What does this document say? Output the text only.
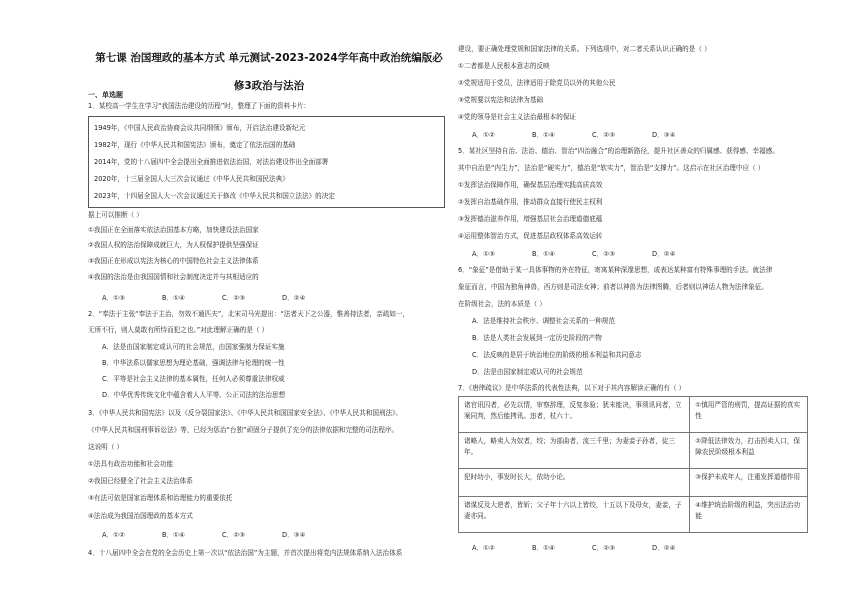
第七课 治国理政的基本方式 单元测试-2023-2024学年高中政治统编版必
修3政治与法治
一、单选题
1．某校高一学生在学习“我国法治建设的历程”时，整理了下面的资料卡片：
1949年，《中国人民政治协商会议共同纲领》颁布，开启法治建设新纪元
1982年，现行《中华人民共和国宪法》颁布，奠定了依法治国的基础
2014年，党的十八届四中全会提出全面推进依法治国，对法治建设作出全面部署
2020年，十三届全国人大三次会议通过《中华人民共和国民法典》
2023年，十四届全国人大一次会议通过关于修改《中华人民共和国立法法》的决定
据上可以推断（ ）
①我国正在全面落实依法治国基本方略，加快建设法治国家
②我国人权的法治保障成就巨大，为人权保护提供坚强保证
③我国正在形成以宪法为核心的中国特色社会主义法律体系
④我国的法治是由我国国情和社会制度决定并与其相适应的
A．①③	B．①④	C．②③	D．②④
2．“奉法于主张“奉法于主治，勿效不通匹夫”，北宋司马光提出：“法者天下之公器，惟善持法者，亲疏如一，
无所不行，则人莫敢有所恃而犯之也。”对此理解正确的是（ ）
A．法是由国家制定或认可的社会规范，由国家强制力保证实施
B．中华法系以儒家思想为理论基础，强调法律与伦理的统一性
C．平等是社会主义法律的基本属性，任何人必须尊重法律权威
D．中华优秀传统文化中蕴含着人人平等、公正司法的法治思想
3．《中华人民共和国宪法》以及《反分裂国家法》、《中华人民共和国国家安全法》、《中华人民共和国刑法》、
《中华人民共和国刑事诉讼法》等，已经为惩治“台独”顽固分子提供了充分的法律依据和完整的司法程序。
这说明（ ）
①法具有政治功能和社会功能
②我国已经健全了社会主义法治体系
③有法可依是国家治理体系和治理能力的重要依托
④法治成为我国治国理政的基本方式
A．①②	B．①④	C．②③	D．③④
4．十八届四中全会在党的全会历史上第一次以“依法治国”为主题，并首次提出将党内法规体系纳入法治体系
建设，要正确处理党规和国家法律的关系。下列选项中，对二者关系认识正确的是（ ）
①二者都是人民根本意志的反映
②党规适用于党员，法律适用于除党员以外的其他公民
③党规要以宪法和法律为基础
④党的领导是社会主义法治最根本的保证
A．①②	B．①④	C．②③	D．③④
5．某社区坚持自治、法治、德治、智治“四治融合”的治理新路径，提升社区善众的归属感、获得感、幸福感。
其中自治是“内生力”，法治是“硬实力”，德治是“软实力”，智治是“支撑力”。这启示在社区治理中应（ ）
①发挥法治保障作用，确保基层治理实践高质高效
②发挥自治基础作用，推动群众直接行使民主权利
③发挥德治滋养作用，增强基层社会治理道德底蕴
④运用整体智治方式，促进基层政权体系高效运转
A．①③	B．①④	C．②③	D．②④
6．“象征”是借助于某一具体事物的外在特征，寄寓某种深邃思想，或表达某种富有特殊事理的手法。就法律
象征而言，中国为独角神兽，西方则是司法女神；前者以神兽为法律图腾，后者则以神话人物为法律象征。
在阶级社会，法的本质是（ ）
A．法是维持社会秩序、调整社会关系的一种规范
B．法是人类社会发展到一定历史阶段的产物
C．法反映的是居于统治地位的阶级的根本利益和共同意志
D．法是由国家制定或认可的社会规范
7．《唐律疏议》是中华法系的代表性法典，以下对于其内容解读正确的有（ ）
诸官讯囚者，必先以情，审察辞理，反复参验；犹未能决，事须讯问者，立案同判，然后能拷讯。违者，杖六十。	①慎用严管的刑罚，提高证据的真实性
诸略人，略卖人为奴者，绞；为部曲者，流三千里；为妻妾子孙者，徒三年。	②降低法律效力，打击拐卖人口，保障农民阶级根本利益
犯时幼小，事发时长大，依幼小论。	③保护未成年人，注重发挥道德作用
诸谋反及大逆者，皆斩；父子年十六以上皆绞，十五以下及母女，妻妾，子妻亦同。	④维护统治阶级的利益，突出法治功能
A．①②	B．①④	C．②③	D．②④
